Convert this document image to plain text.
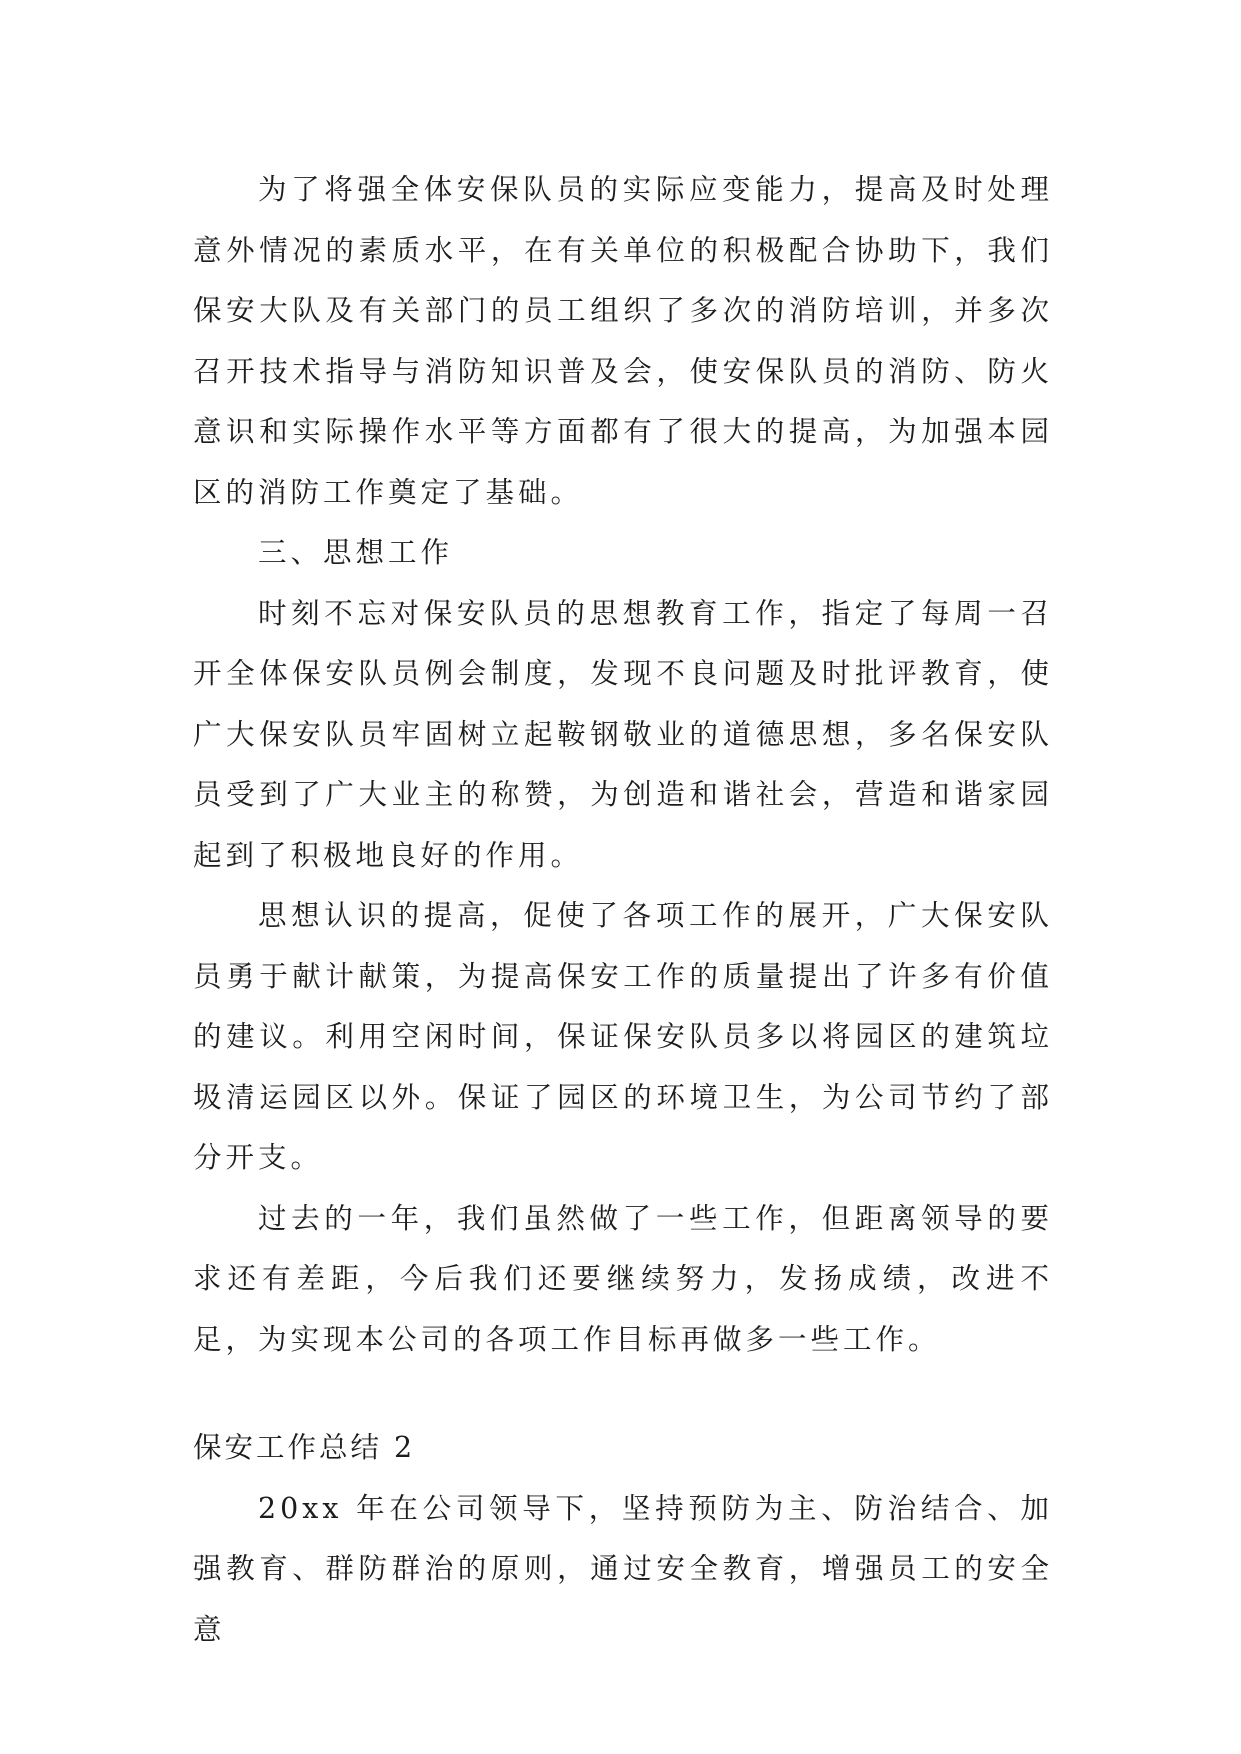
为了将强全体安保队员的实际应变能力，提高及时处理意外情况的素质水平，在有关单位的积极配合协助下，我们保安大队及有关部门的员工组织了多次的消防培训，并多次召开技术指导与消防知识普及会，使安保队员的消防、防火意识和实际操作水平等方面都有了很大的提高，为加强本园区的消防工作奠定了基础。

三、思想工作

时刻不忘对保安队员的思想教育工作，指定了每周一召开全体保安队员例会制度，发现不良问题及时批评教育，使广大保安队员牢固树立起鞍钢敬业的道德思想，多名保安队员受到了广大业主的称赞，为创造和谐社会，营造和谐家园起到了积极地良好的作用。

思想认识的提高，促使了各项工作的展开，广大保安队员勇于献计献策，为提高保安工作的质量提出了许多有价值的建议。利用空闲时间，保证保安队员多以将园区的建筑垃圾清运园区以外。保证了园区的环境卫生，为公司节约了部分开支。

过去的一年，我们虽然做了一些工作，但距离领导的要求还有差距，今后我们还要继续努力，发扬成绩，改进不足，为实现本公司的各项工作目标再做多一些工作。

保安工作总结 2

20xx 年在公司领导下，坚持预防为主、防治结合、加强教育、群防群治的原则，通过安全教育，增强员工的安全意
